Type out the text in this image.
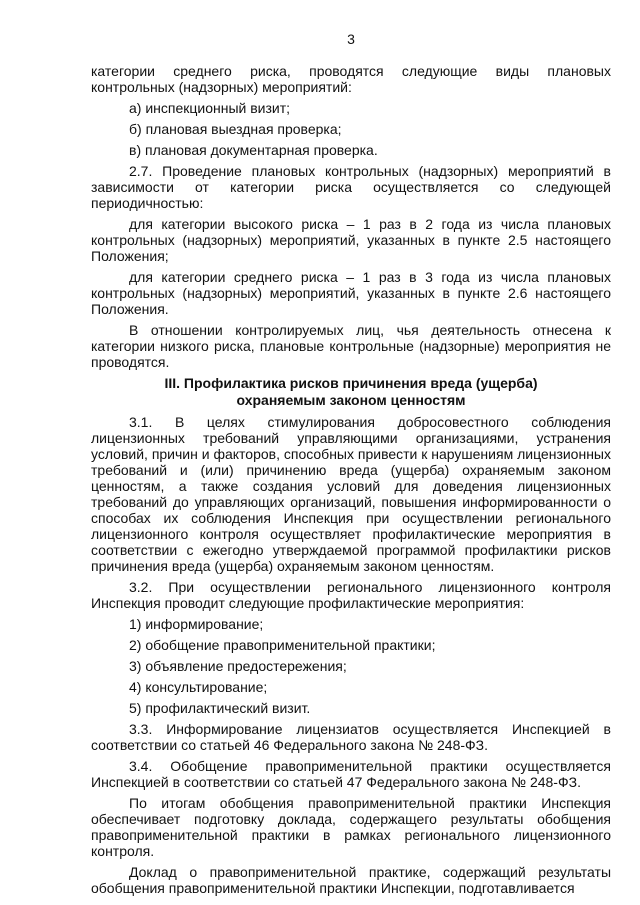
3

категории среднего риска, проводятся следующие виды плановых контрольных (надзорных) мероприятий:

а) инспекционный визит;

б) плановая выездная проверка;

в) плановая документарная проверка.

2.7. Проведение плановых контрольных (надзорных) мероприятий в зависимости от категории риска осуществляется со следующей периодичностью:

для категории высокого риска – 1 раз в 2 года из числа плановых контрольных (надзорных) мероприятий, указанных в пункте 2.5 настоящего Положения;

для категории среднего риска – 1 раз в 3 года из числа плановых контрольных (надзорных) мероприятий, указанных в пункте 2.6 настоящего Положения.

В отношении контролируемых лиц, чья деятельность отнесена к категории низкого риска, плановые контрольные (надзорные) мероприятия не проводятся.

III. Профилактика рисков причинения вреда (ущерба)
охраняемым законом ценностям

3.1. В целях стимулирования добросовестного соблюдения лицензионных требований управляющими организациями, устранения условий, причин и факторов, способных привести к нарушениям лицензионных требований и (или) причинению вреда (ущерба) охраняемым законом ценностям, а также создания условий для доведения лицензионных требований до управляющих организаций, повышения информированности о способах их соблюдения Инспекция при осуществлении регионального лицензионного контроля осуществляет профилактические мероприятия в соответствии с ежегодно утверждаемой программой профилактики рисков причинения вреда (ущерба) охраняемым законом ценностям.

3.2. При осуществлении регионального лицензионного контроля Инспекция проводит следующие профилактические мероприятия:

1) информирование;

2) обобщение правоприменительной практики;

3) объявление предостережения;

4) консультирование;

5) профилактический визит.

3.3. Информирование лицензиатов осуществляется Инспекцией в соответствии со статьей 46 Федерального закона № 248-ФЗ.

3.4. Обобщение правоприменительной практики осуществляется Инспекцией в соответствии со статьей 47 Федерального закона № 248-ФЗ.

По итогам обобщения правоприменительной практики Инспекция обеспечивает подготовку доклада, содержащего результаты обобщения правоприменительной практики в рамках регионального лицензионного контроля.

Доклад о правоприменительной практике, содержащий результаты обобщения правоприменительной практики Инспекции, подготавливается
